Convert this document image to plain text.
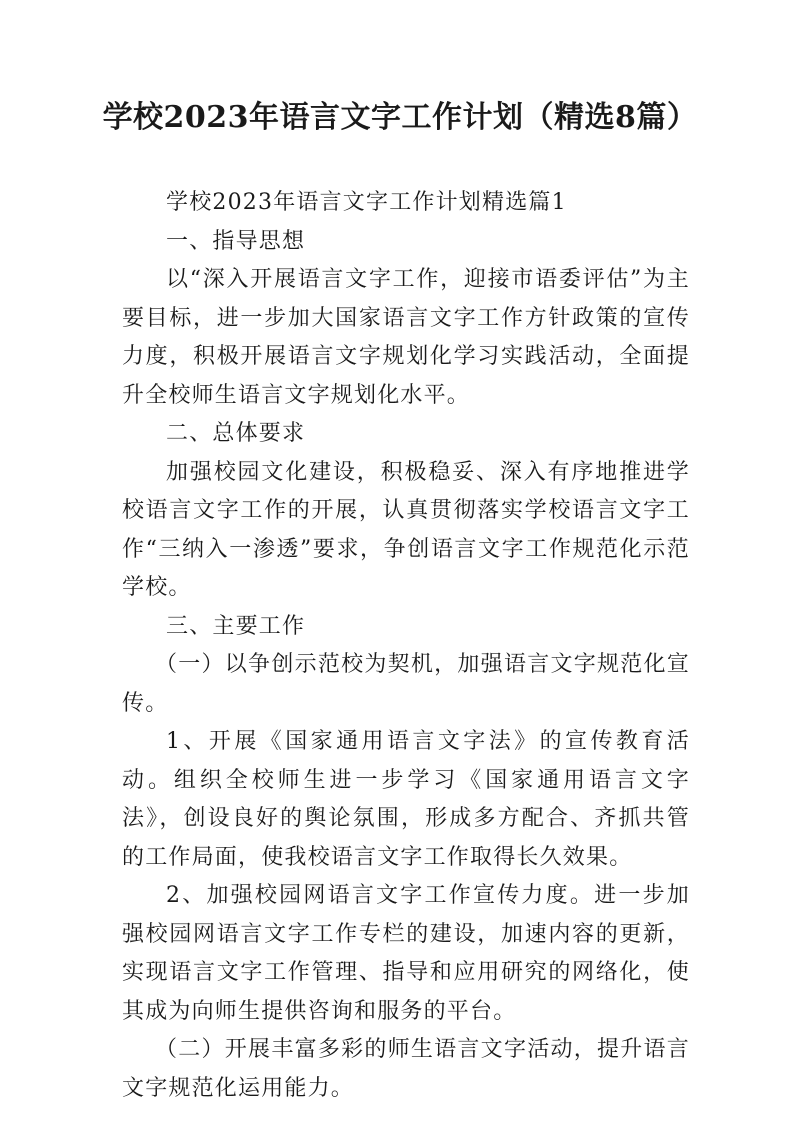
学校2023年语言文字工作计划（精选8篇）

学校2023年语言文字工作计划精选篇1

一、指导思想

以“深入开展语言文字工作，迎接市语委评估”为主要目标，进一步加大国家语言文字工作方针政策的宣传力度，积极开展语言文字规划化学习实践活动，全面提升全校师生语言文字规划化水平。

二、总体要求

加强校园文化建设，积极稳妥、深入有序地推进学校语言文字工作的开展，认真贯彻落实学校语言文字工作“三纳入一渗透”要求，争创语言文字工作规范化示范学校。

三、主要工作

（一）以争创示范校为契机，加强语言文字规范化宣传。

1、开展《国家通用语言文字法》的宣传教育活动。组织全校师生进一步学习《国家通用语言文字法》，创设良好的舆论氛围，形成多方配合、齐抓共管的工作局面，使我校语言文字工作取得长久效果。

2、加强校园网语言文字工作宣传力度。进一步加强校园网语言文字工作专栏的建设，加速内容的更新，实现语言文字工作管理、指导和应用研究的网络化，使其成为向师生提供咨询和服务的平台。

（二）开展丰富多彩的师生语言文字活动，提升语言文字规范化运用能力。
